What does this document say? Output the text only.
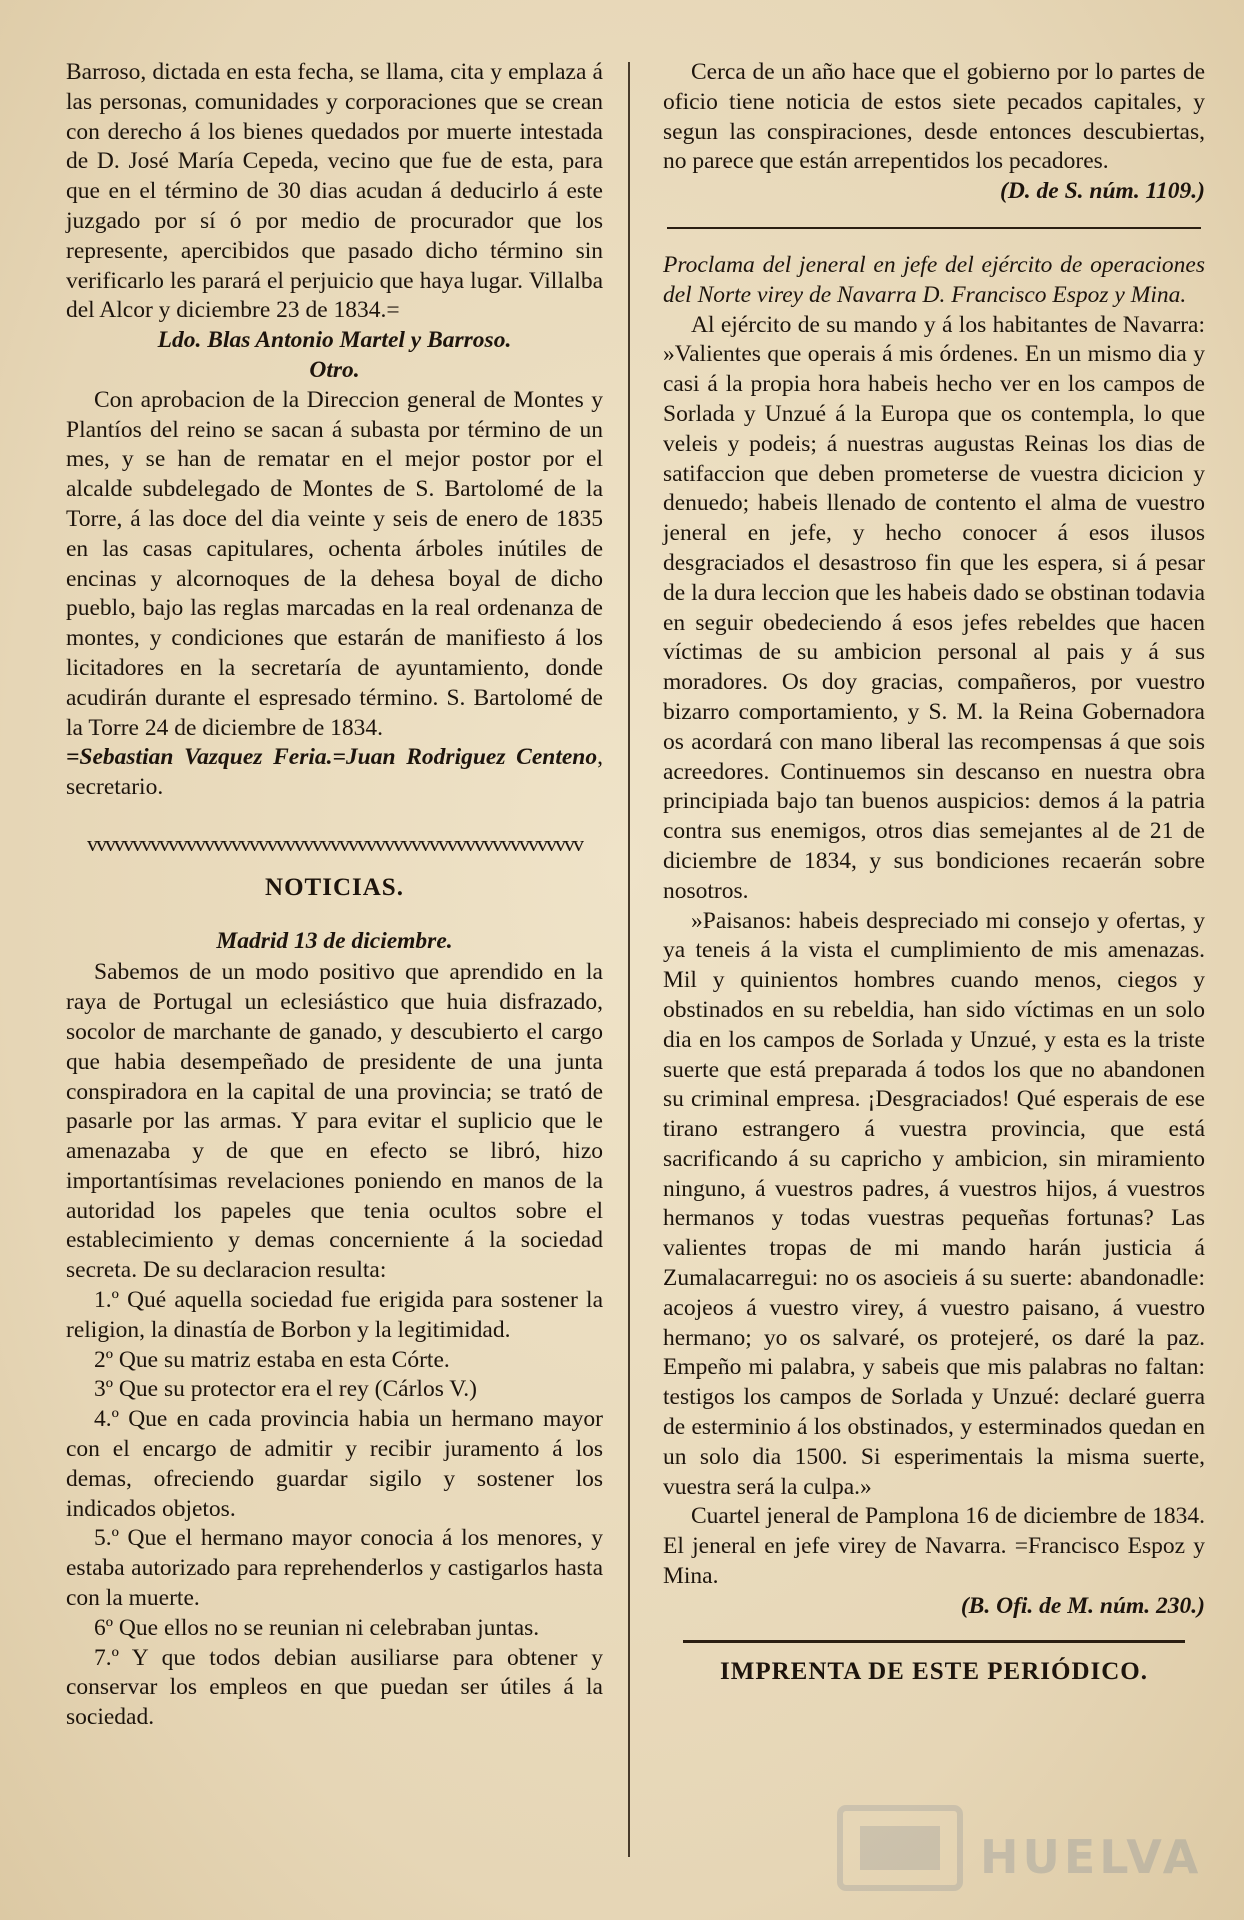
Barroso, dictada en esta fecha, se llama, cita y emplaza á las personas, comunidades y corporaciones que se crean con derecho á los bienes quedados por muerte intestada de D. José María Cepeda, vecino que fue de esta, para que en el término de 30 dias acudan á deducirlo á este juzgado por sí ó por medio de procurador que los represente, apercibidos que pasado dicho término sin verificarlo les parará el perjuicio que haya lugar. Villalba del Alcor y diciembre 23 de 1834.=

Ldo. Blas Antonio Martel y Barroso.

Otro.

Con aprobacion de la Direccion general de Montes y Plantíos del reino se sacan á subasta por término de un mes, y se han de rematar en el mejor postor por el alcalde subdelegado de Montes de S. Bartolomé de la Torre, á las doce del dia veinte y seis de enero de 1835 en las casas capitulares, ochenta árboles inútiles de encinas y alcornoques de la dehesa boyal de dicho pueblo, bajo las reglas marcadas en la real ordenanza de montes, y condiciones que estarán de manifiesto á los licitadores en la secretaría de ayuntamiento, donde acudirán durante el espresado término. S. Bartolomé de la Torre 24 de diciembre de 1834.

=Sebastian Vazquez Feria.=Juan Rodriguez Centeno, secretario.

vvvvvvvvvvvvvvvvvvvvvvvvvvvvvvvvvvvvvvvvvvvvvvvvvvvvvvv
NOTICIAS.

Madrid 13 de diciembre.

Sabemos de un modo positivo que aprendido en la raya de Portugal un eclesiástico que huia disfrazado, socolor de marchante de ganado, y descubierto el cargo que habia desempeñado de presidente de una junta conspiradora en la capital de una provincia; se trató de pasarle por las armas. Y para evitar el suplicio que le amenazaba y de que en efecto se libró, hizo importantísimas revelaciones poniendo en manos de la autoridad los papeles que tenia ocultos sobre el establecimiento y demas concerniente á la sociedad secreta. De su declaracion resulta:

1.º Qué aquella sociedad fue erigida para sostener la religion, la dinastía de Borbon y la legitimidad.

2º Que su matriz estaba en esta Córte.

3º Que su protector era el rey (Cárlos V.)

4.º Que en cada provincia habia un hermano mayor con el encargo de admitir y recibir juramento á los demas, ofreciendo guardar sigilo y sostener los indicados objetos.

5.º Que el hermano mayor conocia á los menores, y estaba autorizado para reprehenderlos y castigarlos hasta con la muerte.

6º Que ellos no se reunian ni celebraban juntas.

7.º Y que todos debian ausiliarse para obtener y conservar los empleos en que puedan ser útiles á la sociedad.

Cerca de un año hace que el gobierno por lo partes de oficio tiene noticia de estos siete pecados capitales, y segun las conspiraciones, desde entonces descubiertas, no parece que están arrepentidos los pecadores.

(D. de S. núm. 1109.)

Proclama del jeneral en jefe del ejército de operaciones del Norte virey de Navarra D. Francisco Espoz y Mina.

Al ejército de su mando y á los habitantes de Navarra: »Valientes que operais á mis órdenes. En un mismo dia y casi á la propia hora habeis hecho ver en los campos de Sorlada y Unzué á la Europa que os contempla, lo que veleis y podeis; á nuestras augustas Reinas los dias de satifaccion que deben prometerse de vuestra dicicion y denuedo; habeis llenado de contento el alma de vuestro jeneral en jefe, y hecho conocer á esos ilusos desgraciados el desastroso fin que les espera, si á pesar de la dura leccion que les habeis dado se obstinan todavia en seguir obedeciendo á esos jefes rebeldes que hacen víctimas de su ambicion personal al pais y á sus moradores. Os doy gracias, compañeros, por vuestro bizarro comportamiento, y S. M. la Reina Gobernadora os acordará con mano liberal las recompensas á que sois acreedores. Continuemos sin descanso en nuestra obra principiada bajo tan buenos auspicios: demos á la patria contra sus enemigos, otros dias semejantes al de 21 de diciembre de 1834, y sus bondiciones recaerán sobre nosotros.

»Paisanos: habeis despreciado mi consejo y ofertas, y ya teneis á la vista el cumplimiento de mis amenazas. Mil y quinientos hombres cuando menos, ciegos y obstinados en su rebeldia, han sido víctimas en un solo dia en los campos de Sorlada y Unzué, y esta es la triste suerte que está preparada á todos los que no abandonen su criminal empresa. ¡Desgraciados! Qué esperais de ese tirano estrangero á vuestra provincia, que está sacrificando á su capricho y ambicion, sin miramiento ninguno, á vuestros padres, á vuestros hijos, á vuestros hermanos y todas vuestras pequeñas fortunas? Las valientes tropas de mi mando harán justicia á Zumalacarregui: no os asocieis á su suerte: abandonadle: acojeos á vuestro virey, á vuestro paisano, á vuestro hermano; yo os salvaré, os protejeré, os daré la paz. Empeño mi palabra, y sabeis que mis palabras no faltan: testigos los campos de Sorlada y Unzué: declaré guerra de esterminio á los obstinados, y esterminados quedan en un solo dia 1500. Si esperimentais la misma suerte, vuestra será la culpa.»

Cuartel jeneral de Pamplona 16 de diciembre de 1834. El jeneral en jefe virey de Navarra. =Francisco Espoz y Mina.

(B. Ofi. de M. núm. 230.)

IMPRENTA DE ESTE PERIÓDICO.

HUELVA
